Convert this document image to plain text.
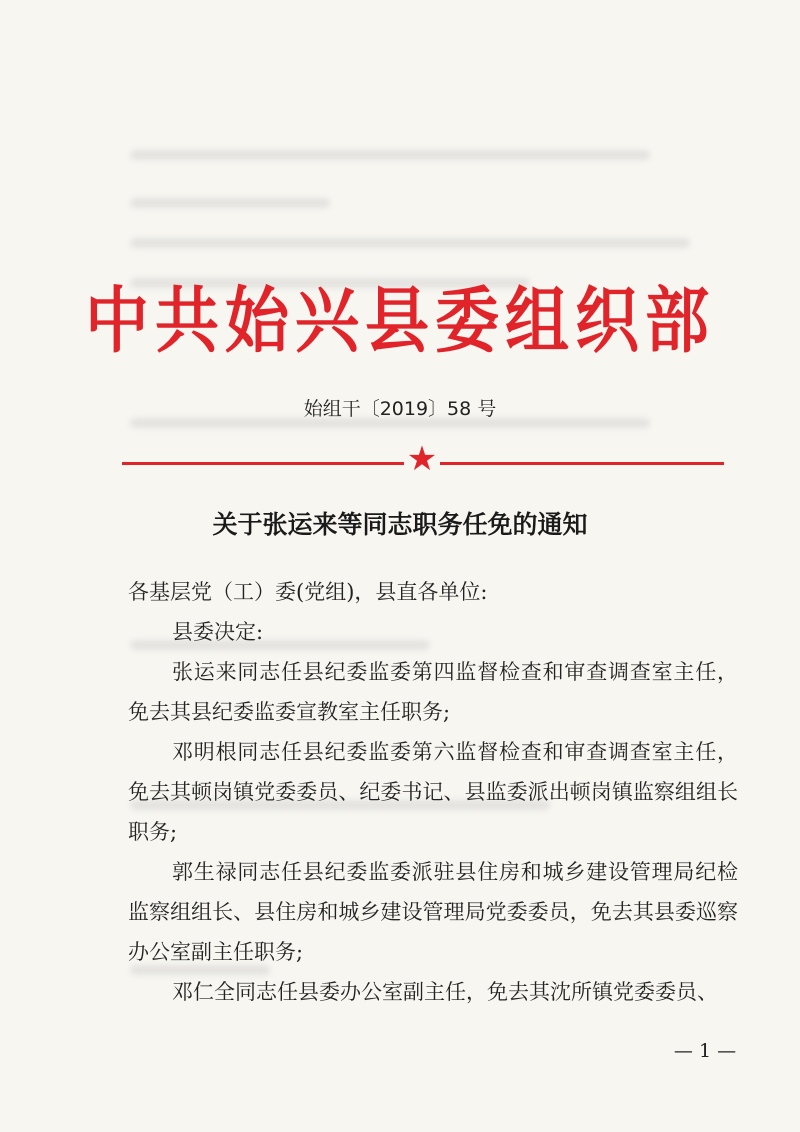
中共始兴县委组织部
始组干〔2019〕58 号
★
关于张运来等同志职务任免的通知

各基层党（工）委(党组)，县直各单位:

县委决定:

张运来同志任县纪委监委第四监督检查和审查调查室主任，免去其县纪委监委宣教室主任职务;

邓明根同志任县纪委监委第六监督检查和审查调查室主任，免去其顿岗镇党委委员、纪委书记、县监委派出顿岗镇监察组组长职务;

郭生禄同志任县纪委监委派驻县住房和城乡建设管理局纪检监察组组长、县住房和城乡建设管理局党委委员，免去其县委巡察办公室副主任职务;

邓仁全同志任县委办公室副主任，免去其沈所镇党委委员、

— 1 —
